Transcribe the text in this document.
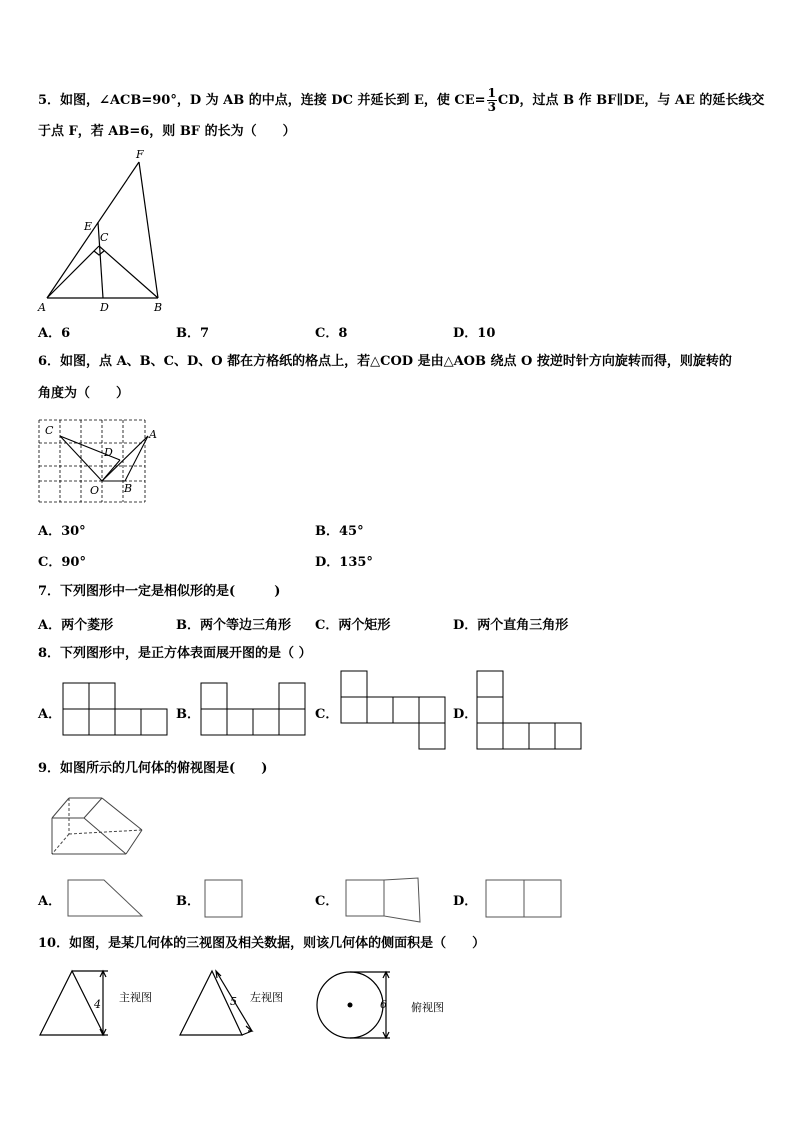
5．如图，∠ACB=90°，D 为 AB 的中点，连接 DC 并延长到 E，使 $CE= \frac{1}{3}$ CD，过点 B 作 BF∥DE，与 AE 的延长线交
于点 F，若 AB=6，则 BF 的长为（　　）
F
E
C
A	D	B
A．6	B．7	C．8	D．10
6．如图，点 A、B、C、D、O 都在方格纸的格点上，若△COD 是由△AOB 绕点 O 按逆时针方向旋转而得，则旋转的
角度为（　　）
C	A
D
O B
A．30°	B．45°
C．90°	D．135°
7．下列图形中一定是相似形的是(　　　)
A．两个菱形	B．两个等边三角形 C．两个矩形	D．两个直角三角形
8．下列图形中，是正方体表面展开图的是（ ）
A．	B．	C．	D．
9．如图所示的几何体的俯视图是(　　)
A．	B．	C．	D．
10．如图，是某几何体的三视图及相关数据，则该几何体的侧面积是（　　）
4
主视图	5 左视图
6 俯视图
